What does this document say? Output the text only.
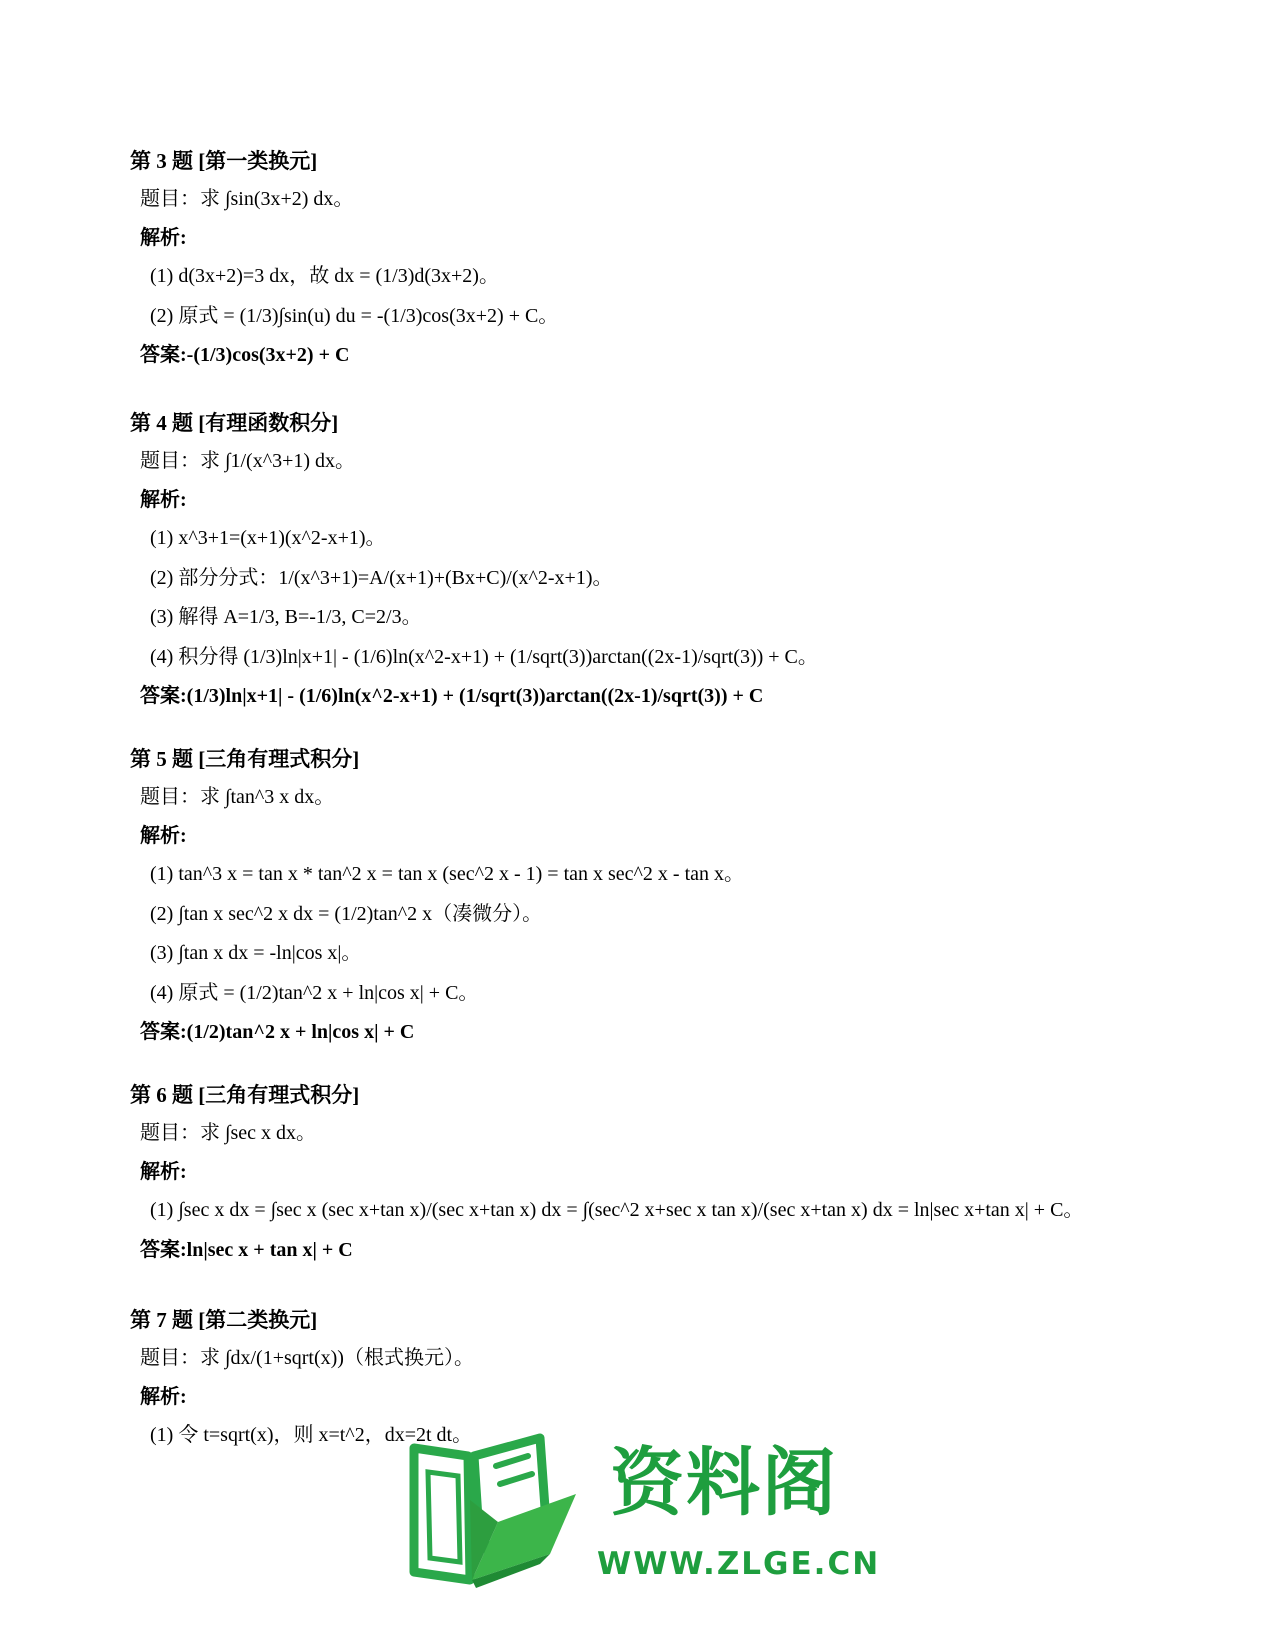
第 3 题 [第一类换元]
题目：求 ∫sin(3x+2) dx。
解析:
(1) d(3x+2)=3 dx，故 dx = (1/3)d(3x+2)。
(2) 原式 = (1/3)∫sin(u) du = -(1/3)cos(3x+2) + C。
答案:-(1/3)cos(3x+2) + C
第 4 题 [有理函数积分]
题目：求 ∫1/(x^3+1) dx。
解析:
(1) x^3+1=(x+1)(x^2-x+1)。
(2) 部分分式：1/(x^3+1)=A/(x+1)+(Bx+C)/(x^2-x+1)。
(3) 解得 A=1/3, B=-1/3, C=2/3。
(4) 积分得 (1/3)ln|x+1| - (1/6)ln(x^2-x+1) + (1/sqrt(3))arctan((2x-1)/sqrt(3)) + C。
答案:(1/3)ln|x+1| - (1/6)ln(x^2-x+1) + (1/sqrt(3))arctan((2x-1)/sqrt(3)) + C
第 5 题 [三角有理式积分]
题目：求 ∫tan^3 x dx。
解析:
(1) tan^3 x = tan x * tan^2 x = tan x (sec^2 x - 1) = tan x sec^2 x - tan x。
(2) ∫tan x sec^2 x dx = (1/2)tan^2 x（凑微分）。
(3) ∫tan x dx = -ln|cos x|。
(4) 原式 = (1/2)tan^2 x + ln|cos x| + C。
答案:(1/2)tan^2 x + ln|cos x| + C
第 6 题 [三角有理式积分]
题目：求 ∫sec x dx。
解析:
(1) ∫sec x dx = ∫sec x (sec x+tan x)/(sec x+tan x) dx = ∫(sec^2 x+sec x tan x)/(sec x+tan x) dx = ln|sec x+tan x| + C。
答案:ln|sec x + tan x| + C
第 7 题 [第二类换元]
题目：求 ∫dx/(1+sqrt(x))（根式换元）。
解析:
(1) 令 t=sqrt(x)，则 x=t^2，dx=2t dt。
资料阁
WWW.ZLGE.CN
